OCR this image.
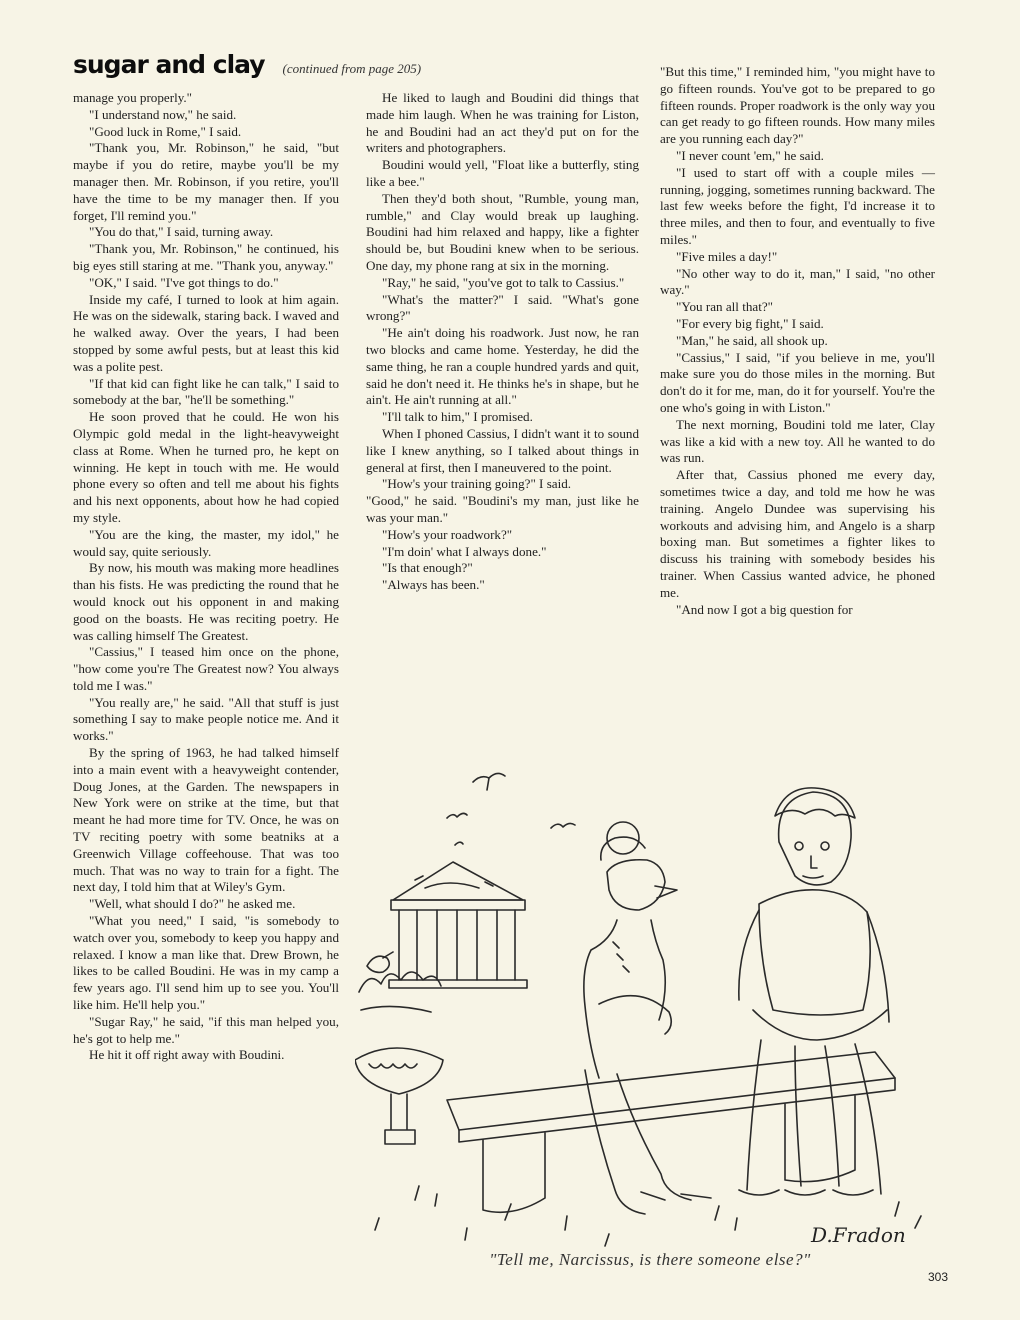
sugar and clay (continued from page 205)

manage you properly."

"I understand now," he said.

"Good luck in Rome," I said.

"Thank you, Mr. Robinson," he said, "but maybe if you do retire, maybe you'll be my manager then. Mr. Robinson, if you retire, you'll have the time to be my manager then. If you forget, I'll remind you."

"You do that," I said, turning away.

"Thank you, Mr. Robinson," he continued, his big eyes still staring at me. "Thank you, anyway."

"OK," I said. "I've got things to do."

Inside my café, I turned to look at him again. He was on the sidewalk, staring back. I waved and he walked away. Over the years, I had been stopped by some awful pests, but at least this kid was a polite pest.

"If that kid can fight like he can talk," I said to somebody at the bar, "he'll be something."

He soon proved that he could. He won his Olympic gold medal in the light-heavyweight class at Rome. When he turned pro, he kept on winning. He kept in touch with me. He would phone every so often and tell me about his fights and his next opponents, about how he had copied my style.

"You are the king, the master, my idol," he would say, quite seriously.

By now, his mouth was making more headlines than his fists. He was predicting the round that he would knock out his opponent in and making good on the boasts. He was reciting poetry. He was calling himself The Greatest.

"Cassius," I teased him once on the phone, "how come you're The Greatest now? You always told me I was."

"You really are," he said. "All that stuff is just something I say to make people notice me. And it works."

By the spring of 1963, he had talked himself into a main event with a heavyweight contender, Doug Jones, at the Garden. The newspapers in New York were on strike at the time, but that meant he had more time for TV. Once, he was on TV reciting poetry with some beatniks at a Greenwich Village coffeehouse. That was too much. That was no way to train for a fight. The next day, I told him that at Wiley's Gym.

"Well, what should I do?" he asked me.

"What you need," I said, "is somebody to watch over you, somebody to keep you happy and relaxed. I know a man like that. Drew Brown, he likes to be called Boudini. He was in my camp a few years ago. I'll send him up to see you. You'll like him. He'll help you."

"Sugar Ray," he said, "if this man helped you, he's got to help me."

He hit it off right away with Boudini.

He liked to laugh and Boudini did things that made him laugh. When he was training for Liston, he and Boudini had an act they'd put on for the writers and photographers.

Boudini would yell, "Float like a butterfly, sting like a bee."

Then they'd both shout, "Rumble, young man, rumble," and Clay would break up laughing. Boudini had him relaxed and happy, like a fighter should be, but Boudini knew when to be serious. One day, my phone rang at six in the morning.

"Ray," he said, "you've got to talk to Cassius."

"What's the matter?" I said. "What's gone wrong?"

"He ain't doing his roadwork. Just now, he ran two blocks and came home. Yesterday, he did the same thing, he ran a couple hundred yards and quit, said he don't need it. He thinks he's in shape, but he ain't. He ain't running at all."

"I'll talk to him," I promised.

When I phoned Cassius, I didn't want it to sound like I knew anything, so I talked about things in general at first, then I maneuvered to the point.

"How's your training going?" I said.

"Good," he said. "Boudini's my man, just like he was your man."

"How's your roadwork?"

"I'm doin' what I always done."

"Is that enough?"

"Always has been."

"But this time," I reminded him, "you might have to go fifteen rounds. You've got to be prepared to go fifteen rounds. Proper roadwork is the only way you can get ready to go fifteen rounds. How many miles are you running each day?"

"I never count 'em," he said.

"I used to start off with a couple miles —running, jogging, sometimes running backward. The last few weeks before the fight, I'd increase it to three miles, and then to four, and eventually to five miles."

"Five miles a day!"

"No other way to do it, man," I said, "no other way."

"You ran all that?"

"For every big fight," I said.

"Man," he said, all shook up.

"Cassius," I said, "if you believe in me, you'll make sure you do those miles in the morning. But don't do it for me, man, do it for yourself. You're the one who's going in with Liston."

The next morning, Boudini told me later, Clay was like a kid with a new toy. All he wanted to do was run.

After that, Cassius phoned me every day, sometimes twice a day, and told me how he was training. Angelo Dundee was supervising his workouts and advising him, and Angelo is a sharp boxing man. But sometimes a fighter likes to discuss his training with somebody besides his trainer. When Cassius wanted advice, he phoned me.

"And now I got a big question for

D.Fradon
"Tell me, Narcissus, is there someone else?"
303
